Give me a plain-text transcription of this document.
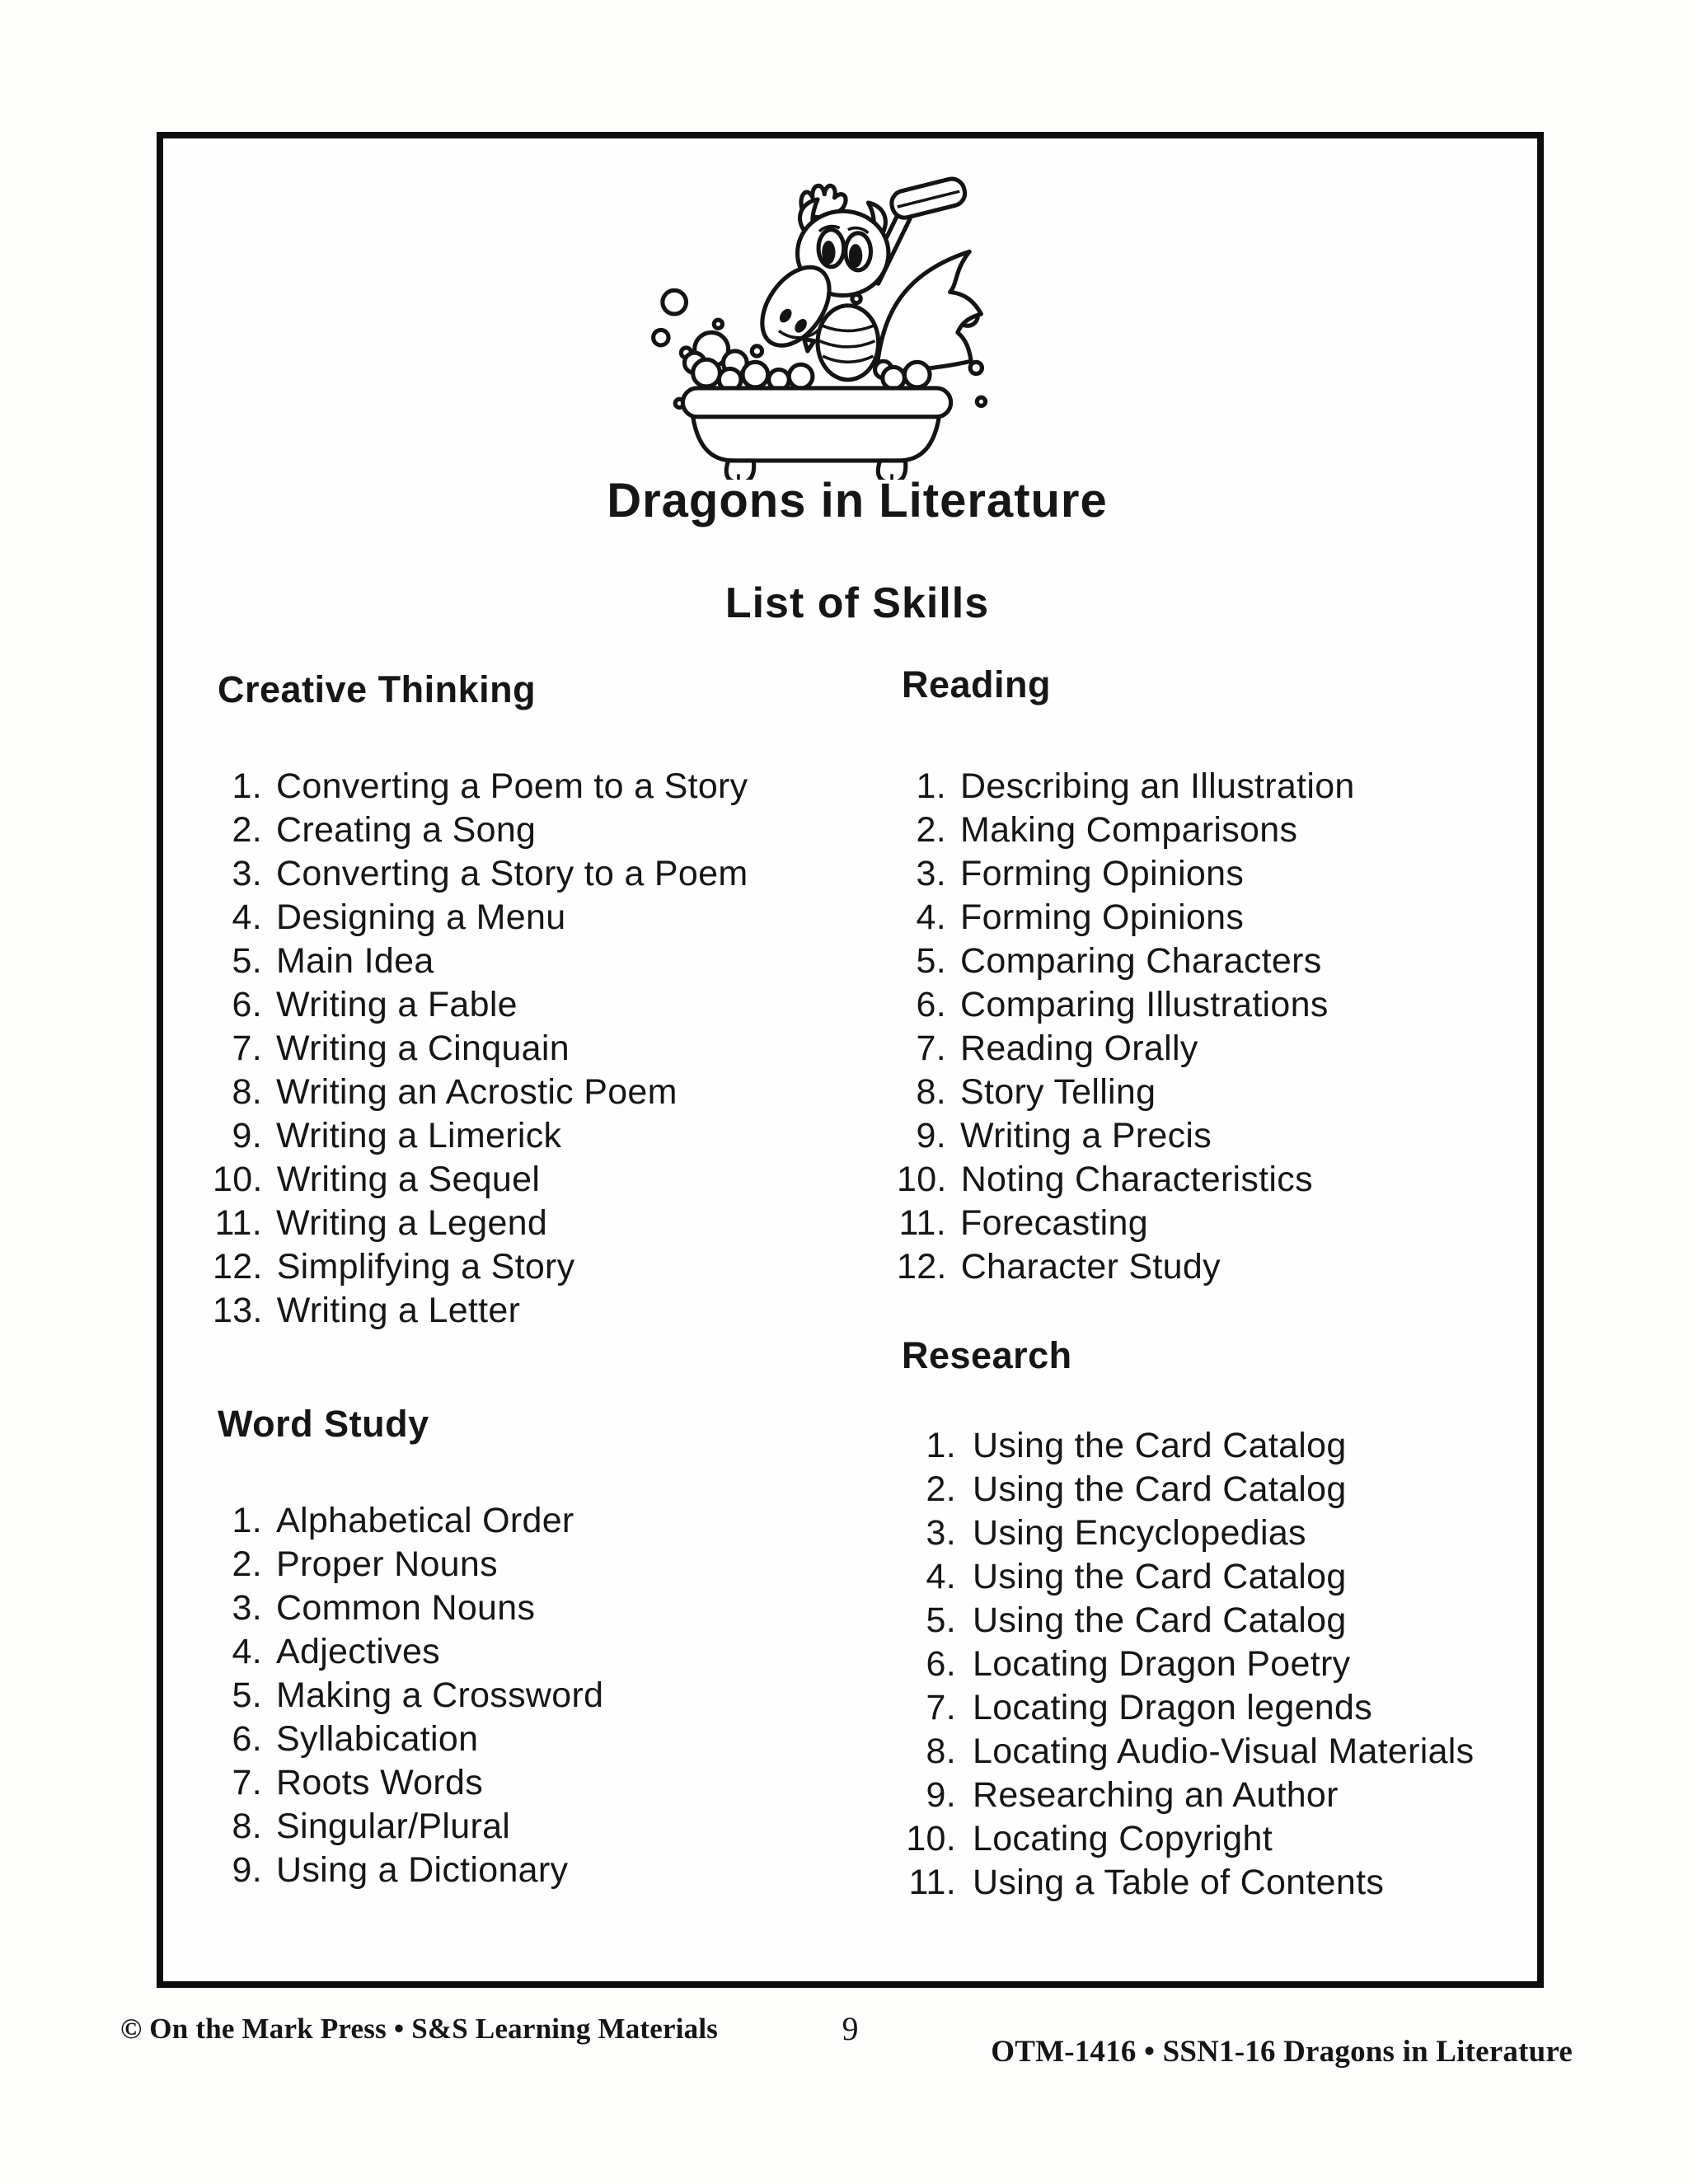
Dragons in Literature
List of Skills
Creative Thinking
1. Converting a Poem to a Story
2. Creating a Song
3. Converting a Story to a Poem
4. Designing a Menu
5. Main Idea
6. Writing a Fable
7. Writing a Cinquain
8. Writing an Acrostic Poem
9. Writing a Limerick
10. Writing a Sequel
11. Writing a Legend
12. Simplifying a Story
13. Writing a Letter
Word Study
1. Alphabetical Order
2. Proper Nouns
3. Common Nouns
4. Adjectives
5. Making a Crossword
6. Syllabication
7. Roots Words
8. Singular/Plural
9. Using a Dictionary
Reading
1. Describing an Illustration
2. Making Comparisons
3. Forming Opinions
4. Forming Opinions
5. Comparing Characters
6. Comparing Illustrations
7. Reading Orally
8. Story Telling
9. Writing a Precis
10. Noting Characteristics
11. Forecasting
12. Character Study
Research
1. Using the Card Catalog
2. Using the Card Catalog
3. Using Encyclopedias
4. Using the Card Catalog
5. Using the Card Catalog
6. Locating Dragon Poetry
7. Locating Dragon legends
8. Locating Audio-Visual Materials
9. Researching an Author
10. Locating Copyright
11. Using a Table of Contents
© On the Mark Press • S&S Learning Materials	9
OTM-1416 • SSN1-16 Dragons in Literature
